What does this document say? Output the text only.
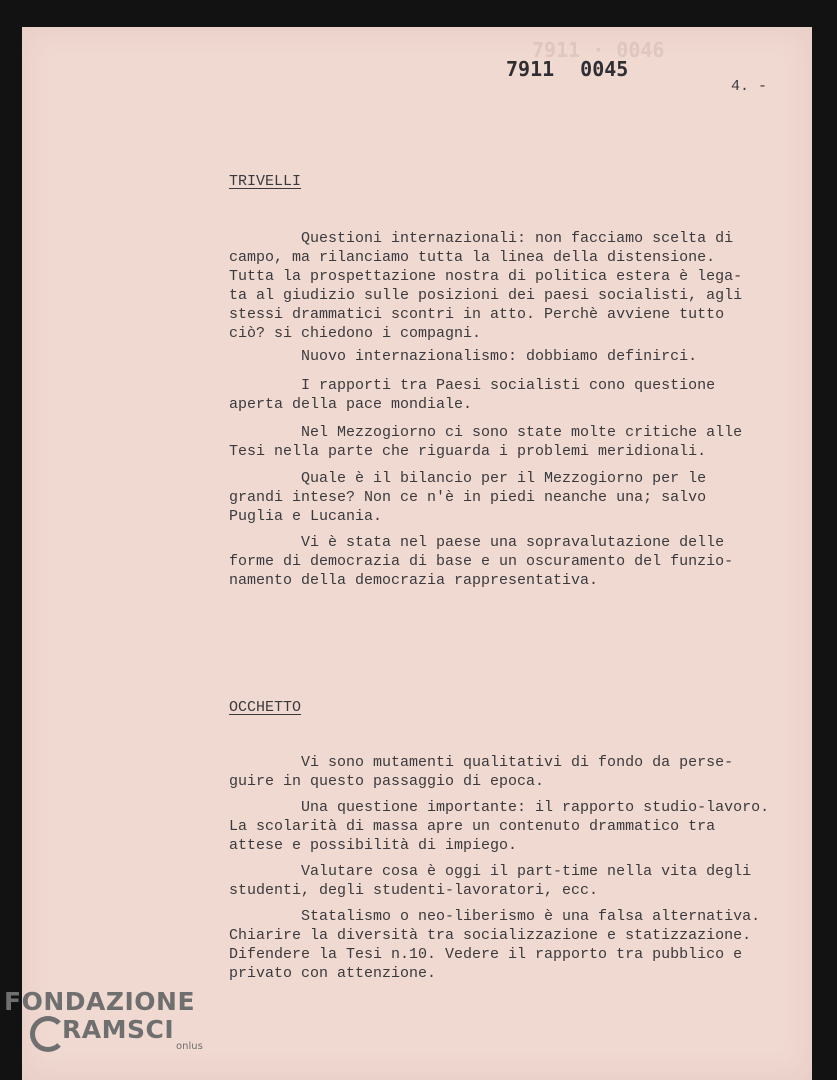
7911 · 0046
7911 0045
4. -
TRIVELLI
Questioni internazionali: non facciamo scelta di
campo, ma rilanciamo tutta la linea della distensione.
Tutta la prospettazione nostra di politica estera è lega-
ta al giudizio sulle posizioni dei paesi socialisti, agli
stessi drammatici scontri in atto. Perchè avviene tutto
ciò? si chiedono i compagni.
Nuovo internazionalismo: dobbiamo definirci.
I rapporti tra Paesi socialisti cono questione
aperta della pace mondiale.
Nel Mezzogiorno ci sono state molte critiche alle
Tesi nella parte che riguarda i problemi meridionali.
Quale è il bilancio per il Mezzogiorno per le
grandi intese? Non ce n'è in piedi neanche una; salvo
Puglia e Lucania.
Vi è stata nel paese una sopravalutazione delle
forme di democrazia di base e un oscuramento del funzio-
namento della democrazia rappresentativa.
OCCHETTO
Vi sono mutamenti qualitativi di fondo da perse-
guire in questo passaggio di epoca.
Una questione importante: il rapporto studio-lavoro.
La scolarità di massa apre un contenuto drammatico tra
attese e possibilità di impiego.
Valutare cosa è oggi il part-time nella vita degli
studenti, degli studenti-lavoratori, ecc.
Statalismo o neo-liberismo è una falsa alternativa.
Chiarire la diversità tra socializzazione e statizzazione.
Difendere la Tesi n.10. Vedere il rapporto tra pubblico e
privato con attenzione.
FONDAZIONE
RAMSCI
onlus
